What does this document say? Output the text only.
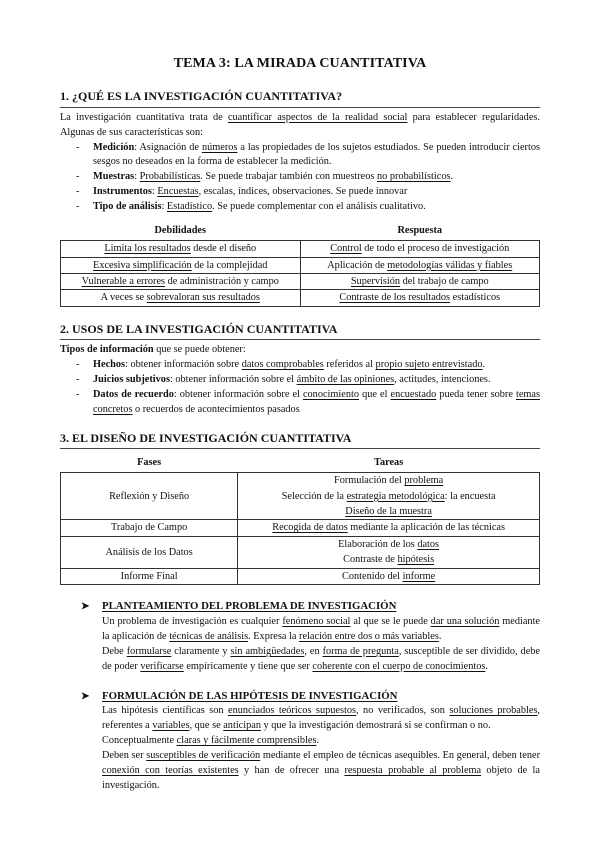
TEMA 3: LA MIRADA CUANTITATIVA
1. ¿QUÉ ES LA INVESTIGACIÓN CUANTITATIVA?

La investigación cuantitativa trata de cuantificar aspectos de la realidad social para establecer regularidades. Algunas de sus características son:

- Medición: Asignación de números a las propiedades de los sujetos estudiados. Se pueden introducir ciertos sesgos no deseados en la forma de establecer la medición.
- Muestras: Probabilísticas. Se puede trabajar también con muestreos no probabilísticos.
- Instrumentos: Encuestas, escalas, índices, observaciones. Se puede innovar
- Tipo de análisis: Estadístico. Se puede complementar con el análisis cualitativo.
Debilidades	Respuesta
Limita los resultados desde el diseño	Control de todo el proceso de investigación
Excesiva simplificación de la complejidad	Aplicación de metodologías válidas y fiables
Vulnerable a errores de administración y campo	Supervisión del trabajo de campo
A veces se sobrevaloran sus resultados	Contraste de los resultados estadísticos
2. USOS DE LA INVESTIGACIÓN CUANTITATIVA

Tipos de información que se puede obtener:

- Hechos: obtener información sobre datos comprobables referidos al propio sujeto entrevistado.
- Juicios subjetivos: obtener información sobre el ámbito de las opiniones, actitudes, intenciones.
- Datos de recuerdo: obtener información sobre el conocimiento que el encuestado pueda tener sobre temas concretos o recuerdos de acontecimientos pasados
3. EL DISEÑO DE INVESTIGACIÓN CUANTITATIVA
Fases	Tareas
Reflexión y Diseño	Formulación del problema
Selección de la estrategia metodológica: la encuesta
Diseño de la muestra

Trabajo de Campo	Recogida de datos mediante la aplicación de las técnicas
Análisis de los Datos	Elaboración de los datos
Contraste de hipótesis

Informe Final	Contenido del informe
➤	PLANTEAMIENTO DEL PROBLEMA DE INVESTIGACIÓN

Un problema de investigación es cualquier fenómeno social al que se le puede dar una solución mediante la aplicación de técnicas de análisis. Expresa la relación entre dos o más variables.

Debe formularse claramente y sin ambigüedades, en forma de pregunta, susceptible de ser dividido, debe de poder verificarse empíricamente y tiene que ser coherente con el cuerpo de conocimientos.

➤	FORMULACIÓN DE LAS HIPÓTESIS DE INVESTIGACIÓN

Las hipótesis científicas son enunciados teóricos supuestos, no verificados, son soluciones probables, referentes a variables, que se anticipan y que la investigación demostrará si se confirman o no.

Conceptualmente claras y fácilmente comprensibles.

Deben ser susceptibles de verificación mediante el empleo de técnicas asequibles. En general, deben tener conexión con teorías existentes y han de ofrecer una respuesta probable al problema objeto de la investigación.
